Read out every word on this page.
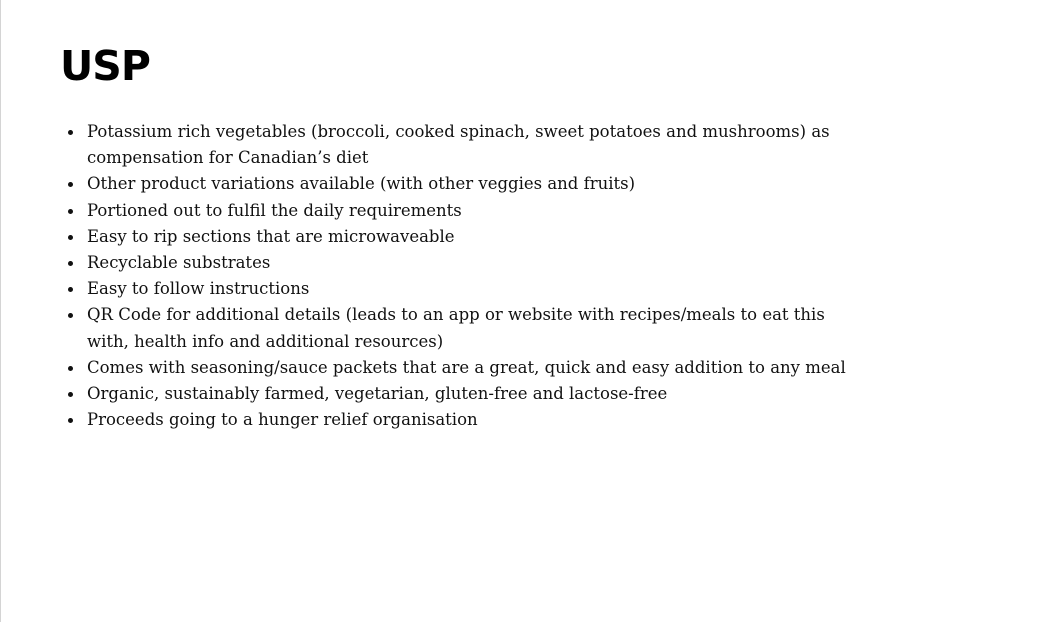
USP
Potassium rich vegetables (broccoli, cooked spinach, sweet potatoes and mushrooms) as compensation for Canadian’s diet
Other product variations available (with other veggies and fruits)
Portioned out to fulfil the daily requirements
Easy to rip sections that are microwaveable
Recyclable substrates
Easy to follow instructions
QR Code for additional details (leads to an app or website with recipes/meals to eat this with, health info and additional resources)
Comes with seasoning/sauce packets that are a great, quick and easy addition to any meal
Organic, sustainably farmed, vegetarian, gluten-free and lactose-free
Proceeds going to a hunger relief organisation
